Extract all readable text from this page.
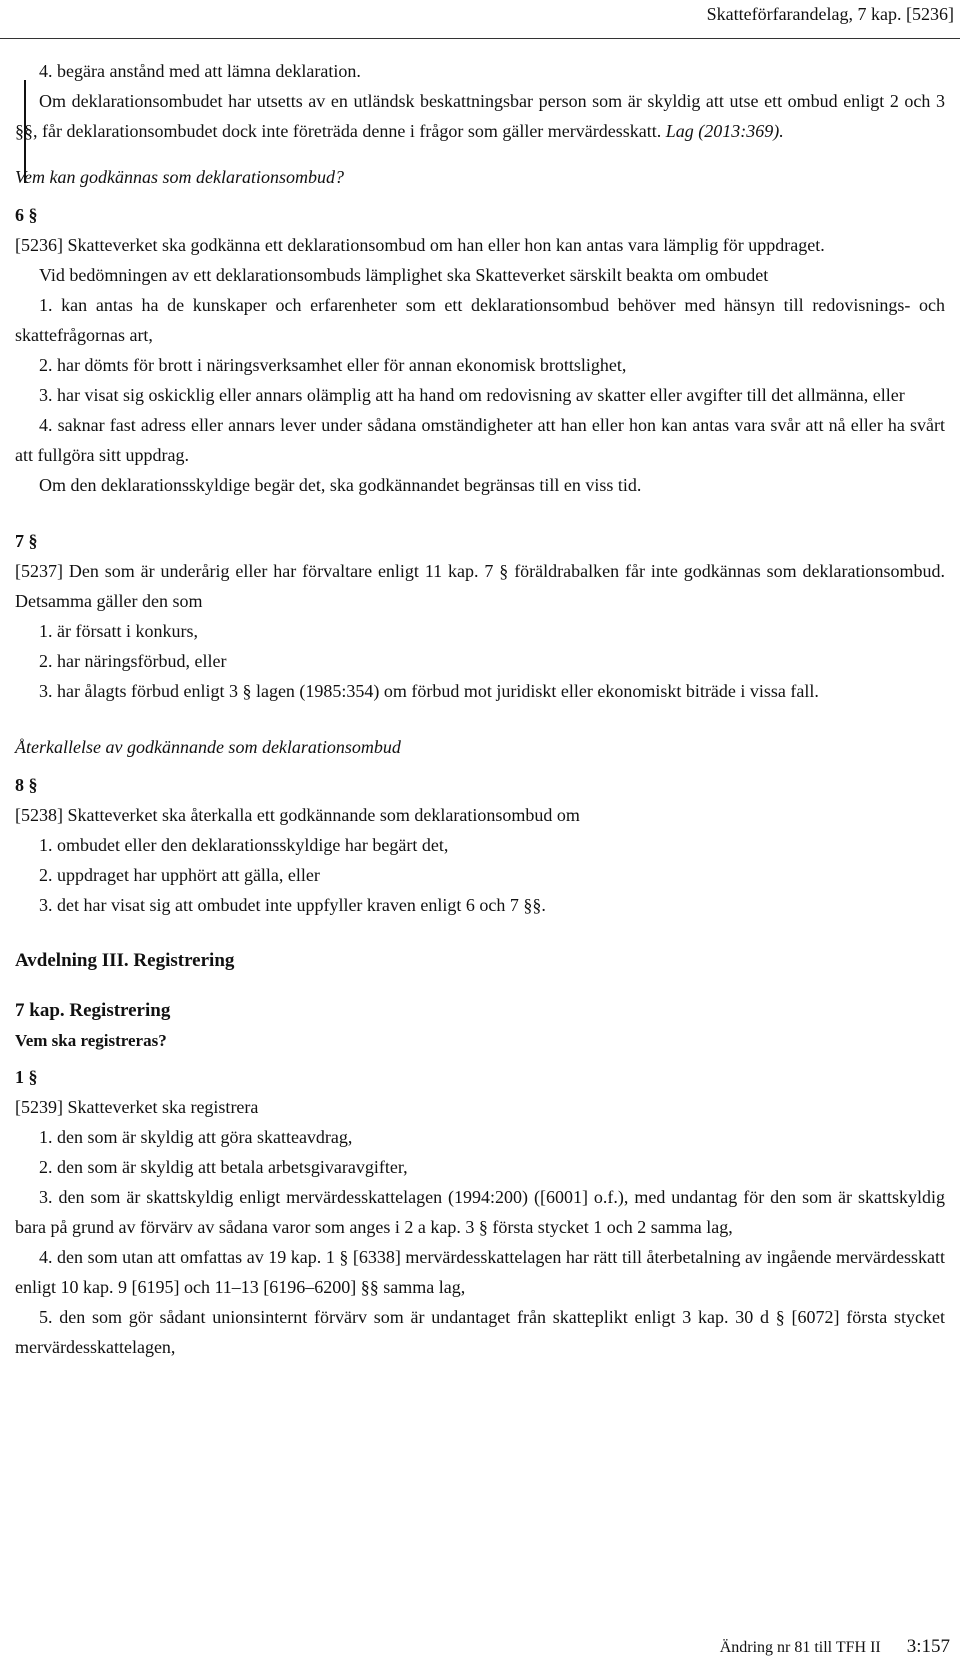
Skatteförfarandelag, 7 kap. [5236]

4. begära anstånd med att lämna deklaration.

Om deklarationsombudet har utsetts av en utländsk beskattningsbar person som är skyldig att utse ett ombud enligt 2 och 3 §§, får deklarationsombudet dock inte företräda denne i frågor som gäller mervärdesskatt. Lag (2013:369).

Vem kan godkännas som deklarationsombud?

6 §

[5236] Skatteverket ska godkänna ett deklarationsombud om han eller hon kan antas vara lämplig för uppdraget.

Vid bedömningen av ett deklarationsombuds lämplighet ska Skatteverket särskilt beakta om ombudet

1. kan antas ha de kunskaper och erfarenheter som ett deklarationsombud behöver med hänsyn till redovisnings- och skattefrågornas art,

2. har dömts för brott i näringsverksamhet eller för annan ekonomisk brottslighet,

3. har visat sig oskicklig eller annars olämplig att ha hand om redovisning av skatter eller avgifter till det allmänna, eller

4. saknar fast adress eller annars lever under sådana omständigheter att han eller hon kan antas vara svår att nå eller ha svårt att fullgöra sitt uppdrag.

Om den deklarationsskyldige begär det, ska godkännandet begränsas till en viss tid.

7 §

[5237] Den som är underårig eller har förvaltare enligt 11 kap. 7 § föräldrabalken får inte godkännas som deklarationsombud. Detsamma gäller den som

1. är försatt i konkurs,

2. har näringsförbud, eller

3. har ålagts förbud enligt 3 § lagen (1985:354) om förbud mot juridiskt eller ekonomiskt biträde i vissa fall.

Återkallelse av godkännande som deklarationsombud

8 §

[5238] Skatteverket ska återkalla ett godkännande som deklarationsombud om

1. ombudet eller den deklarationsskyldige har begärt det,

2. uppdraget har upphört att gälla, eller

3. det har visat sig att ombudet inte uppfyller kraven enligt 6 och 7 §§.

Avdelning III. Registrering

7 kap. Registrering

Vem ska registreras?

1 §

[5239] Skatteverket ska registrera

1. den som är skyldig att göra skatteavdrag,

2. den som är skyldig att betala arbetsgivaravgifter,

3. den som är skattskyldig enligt mervärdesskattelagen (1994:200) ([6001] o.f.), med undantag för den som är skattskyldig bara på grund av förvärv av sådana varor som anges i 2 a kap. 3 § första stycket 1 och 2 samma lag,

4. den som utan att omfattas av 19 kap. 1 § [6338] mervärdesskattelagen har rätt till återbetalning av ingående mervärdesskatt enligt 10 kap. 9 [6195] och 11–13 [6196–6200] §§ samma lag,

5. den som gör sådant unionsinternt förvärv som är undantaget från skatteplikt enligt 3 kap. 30 d § [6072] första stycket mervärdesskattelagen,

Ändring nr 81 till TFH II 3:157
